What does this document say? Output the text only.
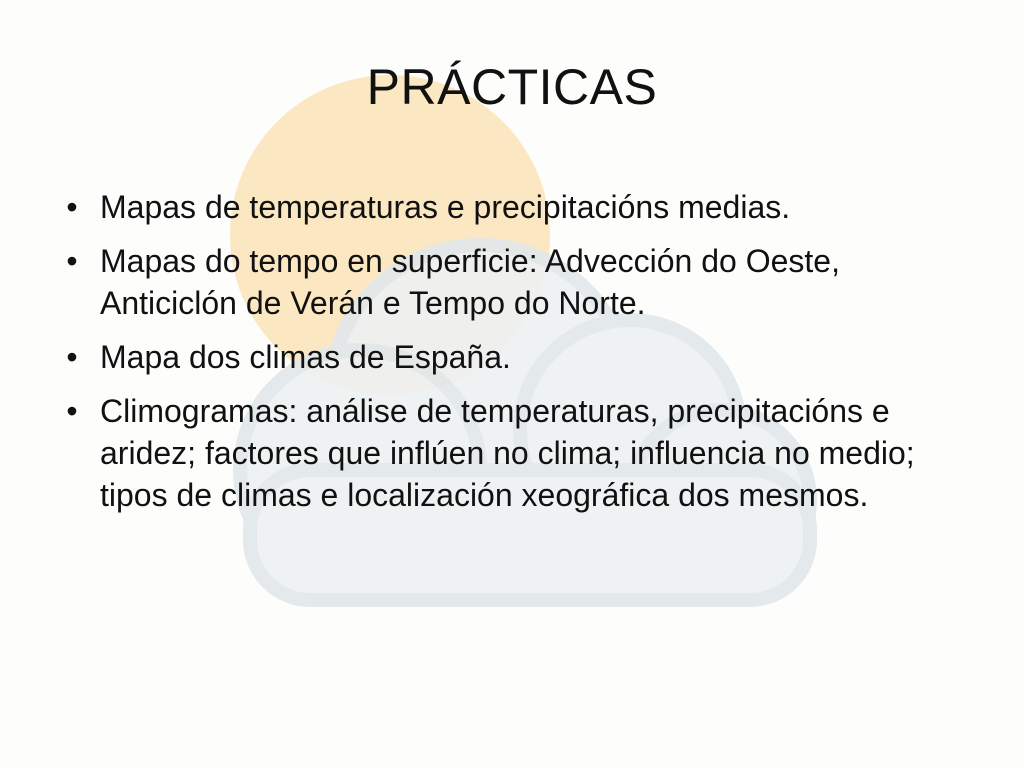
PRÁCTICAS
• Mapas de temperaturas e precipitacións medias.
• Mapas do tempo en superficie: Advección do Oeste, Anticiclón de Verán e Tempo do Norte.
• Mapa dos climas de España.
• Climogramas: análise de temperaturas, precipitacións e aridez; factores que inflúen no clima; influencia no medio; tipos de climas e localización xeográfica dos mesmos.
